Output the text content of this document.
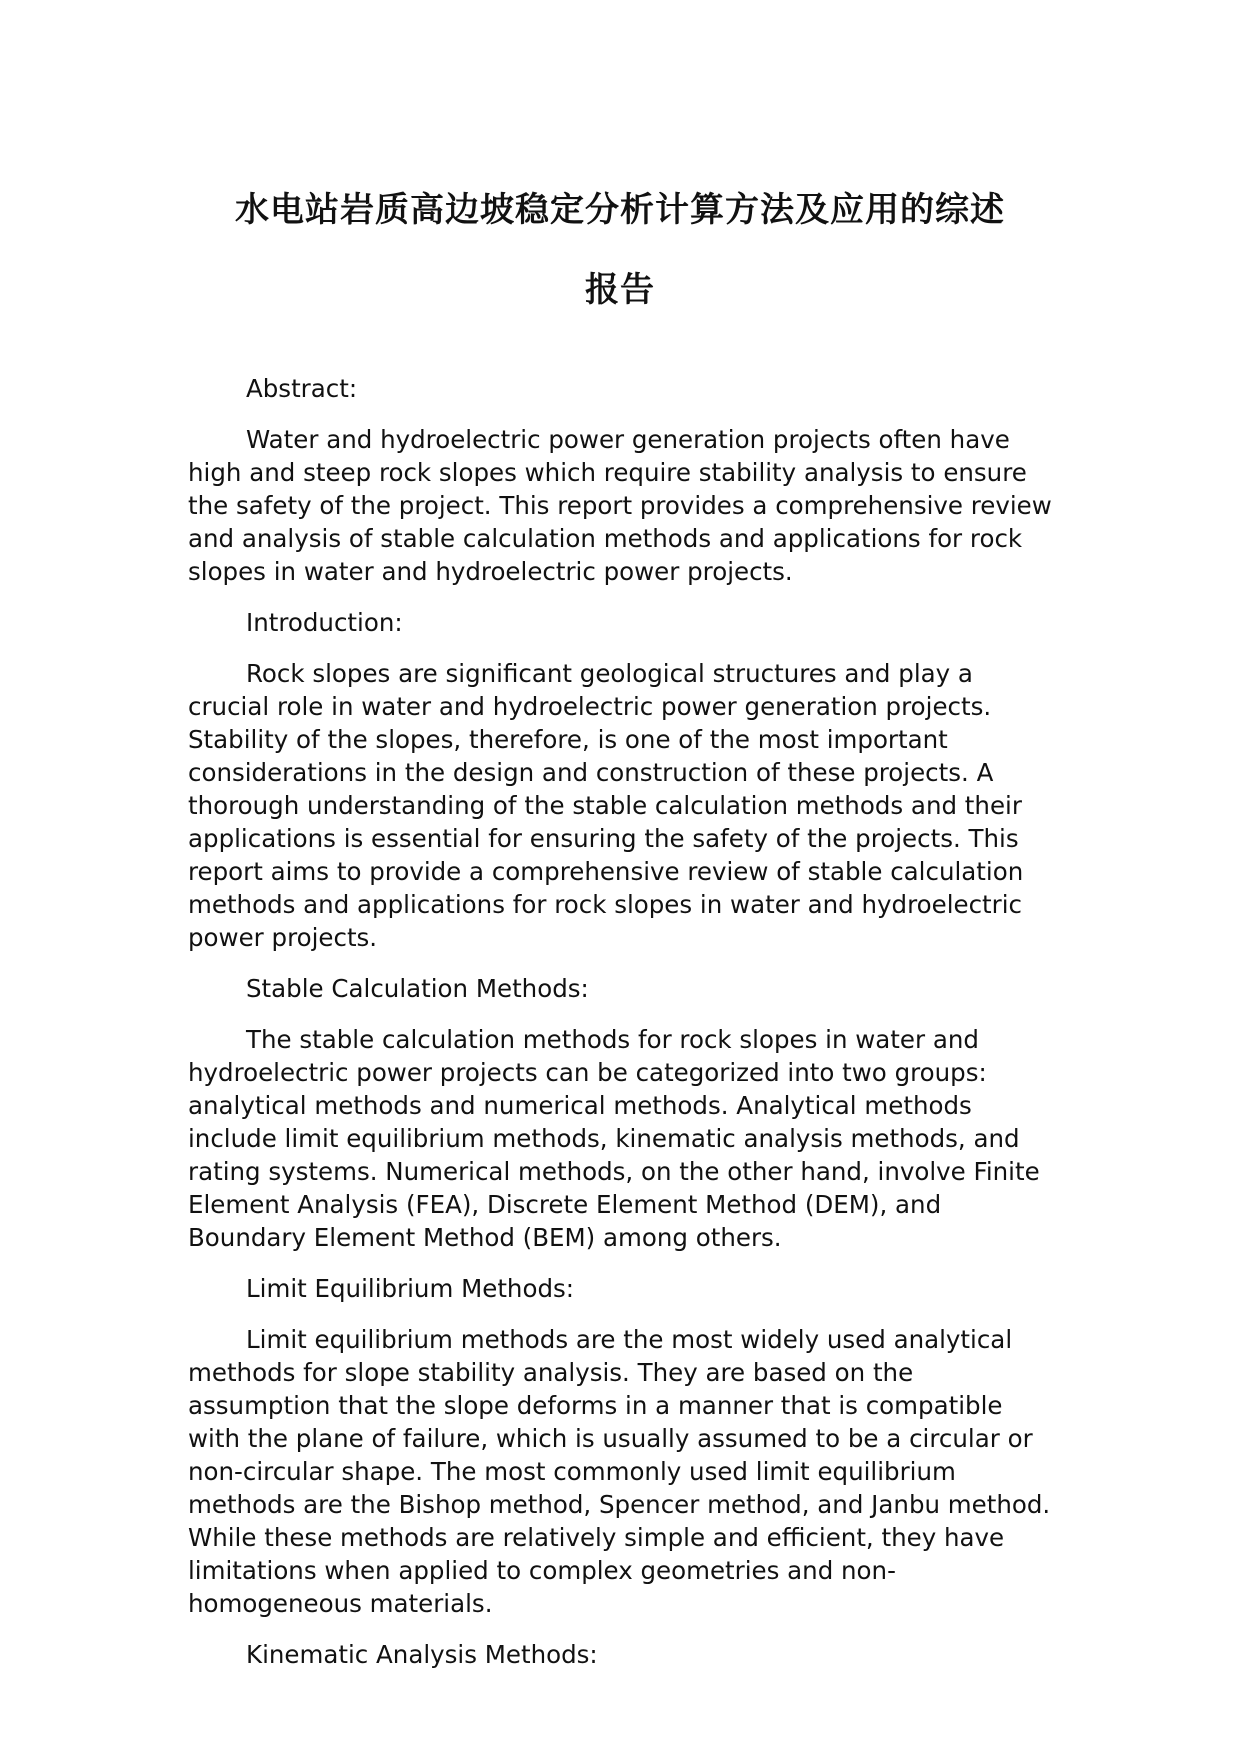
水电站岩质高边坡稳定分析计算方法及应用的综述
报告

Abstract:

Water and hydroelectric power generation projects often have high and steep rock slopes which require stability analysis to ensure the safety of the project. This report provides a comprehensive review and analysis of stable calculation methods and applications for rock slopes in water and hydroelectric power projects.

Introduction:

Rock slopes are significant geological structures and play a crucial role in water and hydroelectric power generation projects. Stability of the slopes, therefore, is one of the most important considerations in the design and construction of these projects. A thorough understanding of the stable calculation methods and their applications is essential for ensuring the safety of the projects. This report aims to provide a comprehensive review of stable calculation methods and applications for rock slopes in water and hydroelectric power projects.

Stable Calculation Methods:

The stable calculation methods for rock slopes in water and hydroelectric power projects can be categorized into two groups: analytical methods and numerical methods. Analytical methods include limit equilibrium methods, kinematic analysis methods, and rating systems. Numerical methods, on the other hand, involve Finite Element Analysis (FEA), Discrete Element Method (DEM), and Boundary Element Method (BEM) among others.

Limit Equilibrium Methods:

Limit equilibrium methods are the most widely used analytical methods for slope stability analysis. They are based on the assumption that the slope deforms in a manner that is compatible with the plane of failure, which is usually assumed to be a circular or non-circular shape. The most commonly used limit equilibrium methods are the Bishop method, Spencer method, and Janbu method. While these methods are relatively simple and efficient, they have limitations when applied to complex geometries and non-homogeneous materials.

Kinematic Analysis Methods:
